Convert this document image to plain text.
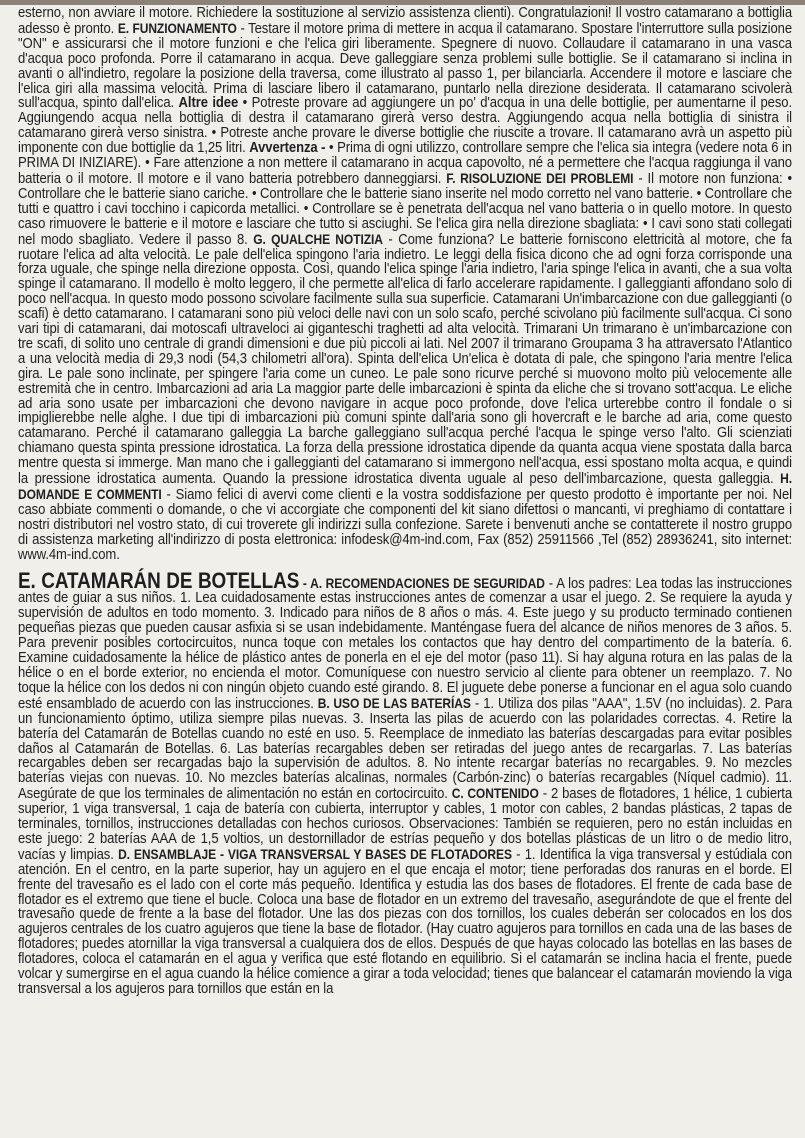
esterno, non avviare il motore. Richiedere la sostituzione al servizio assistenza clienti). Congratulazioni! Il vostro catamarano a bottiglia adesso è pronto. E. FUNZIONAMENTO - Testare il motore prima di mettere in acqua il catamarano. Spostare l'interruttore sulla posizione "ON" e assicurarsi che il motore funzioni e che l'elica giri liberamente. Spegnere di nuovo. Collaudare il catamarano in una vasca d'acqua poco profonda. Porre il catamarano in acqua. Deve galleggiare senza problemi sulle bottiglie. Se il catamarano si inclina in avanti o all'indietro, regolare la posizione della traversa, come illustrato al passo 1, per bilanciarla. Accendere il motore e lasciare che l'elica giri alla massima velocità. Prima di lasciare libero il catamarano, puntarlo nella direzione desiderata. Il catamarano scivolerà sull'acqua, spinto dall'elica. Altre idee • Potreste provare ad aggiungere un po' d'acqua in una delle bottiglie, per aumentarne il peso. Aggiungendo acqua nella bottiglia di destra il catamarano girerà verso destra. Aggiungendo acqua nella bottiglia di sinistra il catamarano girerà verso sinistra. • Potreste anche provare le diverse bottiglie che riuscite a trovare. Il catamarano avrà un aspetto più imponente con due bottiglie da 1,25 litri. Avvertenza - • Prima di ogni utilizzo, controllare sempre che l'elica sia integra (vedere nota 6 in PRIMA DI INIZIARE). • Fare attenzione a non mettere il catamarano in acqua capovolto, né a permettere che l'acqua raggiunga il vano batteria o il motore. Il motore e il vano batteria potrebbero danneggiarsi. F. RISOLUZIONE DEI PROBLEMI - Il motore non funziona: • Controllare che le batterie siano cariche. • Controllare che le batterie siano inserite nel modo corretto nel vano batterie. • Controllare che tutti e quattro i cavi tocchino i capicorda metallici. • Controllare se è penetrata dell'acqua nel vano batteria o in quello motore. In questo caso rimuovere le batterie e il motore e lasciare che tutto si asciughi. Se l'elica gira nella direzione sbagliata: • I cavi sono stati collegati nel modo sbagliato. Vedere il passo 8. G. QUALCHE NOTIZIA - Come funziona? Le batterie forniscono elettricità al motore, che fa ruotare l'elica ad alta velocità. Le pale dell'elica spingono l'aria indietro. Le leggi della fisica dicono che ad ogni forza corrisponde una forza uguale, che spinge nella direzione opposta. Così, quando l'elica spinge l'aria indietro, l'aria spinge l'elica in avanti, che a sua volta spinge il catamarano. Il modello è molto leggero, il che permette all'elica di farlo accelerare rapidamente. I galleggianti affondano solo di poco nell'acqua. In questo modo possono scivolare facilmente sulla sua superficie. Catamarani Un'imbarcazione con due galleggianti (o scafi) è detto catamarano. I catamarani sono più veloci delle navi con un solo scafo, perché scivolano più facilmente sull'acqua. Ci sono vari tipi di catamarani, dai motoscafi ultraveloci ai giganteschi traghetti ad alta velocità. Trimarani Un trimarano è un'imbarcazione con tre scafi, di solito uno centrale di grandi dimensioni e due più piccoli ai lati. Nel 2007 il trimarano Groupama 3 ha attraversato l'Atlantico a una velocità media di 29,3 nodi (54,3 chilometri all'ora). Spinta dell'elica Un'elica è dotata di pale, che spingono l'aria mentre l'elica gira. Le pale sono inclinate, per spingere l'aria come un cuneo. Le pale sono ricurve perché si muovono molto più velocemente alle estremità che in centro. Imbarcazioni ad aria La maggior parte delle imbarcazioni è spinta da eliche che si trovano sott'acqua. Le eliche ad aria sono usate per imbarcazioni che devono navigare in acque poco profonde, dove l'elica urterebbe contro il fondale o si impiglierebbe nelle alghe. I due tipi di imbarcazioni più comuni spinte dall'aria sono gli hovercraft e le barche ad aria, come questo catamarano. Perché il catamarano galleggia La barche galleggiano sull'acqua perché l'acqua le spinge verso l'alto. Gli scienziati chiamano questa spinta pressione idrostatica. La forza della pressione idrostatica dipende da quanta acqua viene spostata dalla barca mentre questa si immerge. Man mano che i galleggianti del catamarano si immergono nell'acqua, essi spostano molta acqua, e quindi la pressione idrostatica aumenta. Quando la pressione idrostatica diventa uguale al peso dell'imbarcazione, questa galleggia. H. DOMANDE E COMMENTI - Siamo felici di avervi come clienti e la vostra soddisfazione per questo prodotto è importante per noi. Nel caso abbiate commenti o domande, o che vi accorgiate che componenti del kit siano difettosi o mancanti, vi preghiamo di contattare i nostri distributori nel vostro stato, di cui troverete gli indirizzi sulla confezione. Sarete i benvenuti anche se contatterete il nostro gruppo di assistenza marketing all'indirizzo di posta elettronica: infodesk@4m-ind.com, Fax (852) 25911566 ,Tel (852) 28936241, sito internet: www.4m-ind.com.

E. CATAMARÁN DE BOTELLAS - A. RECOMENDACIONES DE SEGURIDAD - A los padres: Lea todas las instrucciones antes de guiar a sus niños. 1. Lea cuidadosamente estas instrucciones antes de comenzar a usar el juego. 2. Se requiere la ayuda y supervisión de adultos en todo momento. 3. Indicado para niños de 8 años o más. 4. Este juego y su producto terminado contienen pequeñas piezas que pueden causar asfixia si se usan indebidamente. Manténgase fuera del alcance de niños menores de 3 años. 5. Para prevenir posibles cortocircuitos, nunca toque con metales los contactos que hay dentro del compartimento de la batería. 6. Examine cuidadosamente la hélice de plástico antes de ponerla en el eje del motor (paso 11). Si hay alguna rotura en las palas de la hélice o en el borde exterior, no encienda el motor. Comuníquese con nuestro servicio al cliente para obtener un reemplazo. 7. No toque la hélice con los dedos ni con ningún objeto cuando esté girando. 8. El juguete debe ponerse a funcionar en el agua solo cuando esté ensamblado de acuerdo con las instrucciones. B. USO DE LAS BATERÍAS - 1. Utiliza dos pilas "AAA", 1.5V (no incluidas). 2. Para un funcionamiento óptimo, utiliza siempre pilas nuevas. 3. Inserta las pilas de acuerdo con las polaridades correctas. 4. Retire la batería del Catamarán de Botellas cuando no esté en uso. 5. Reemplace de inmediato las baterías descargadas para evitar posibles daños al Catamarán de Botellas. 6. Las baterías recargables deben ser retiradas del juego antes de recargarlas. 7. Las baterías recargables deben ser recargadas bajo la supervisión de adultos. 8. No intente recargar baterías no recargables. 9. No mezcles baterías viejas con nuevas. 10. No mezcles baterías alcalinas, normales (Carbón-zinc) o baterías recargables (Níquel cadmio). 11. Asegúrate de que los terminales de alimentación no están en cortocircuito. C. CONTENIDO - 2 bases de flotadores, 1 hélice, 1 cubierta superior, 1 viga transversal, 1 caja de batería con cubierta, interruptor y cables, 1 motor con cables, 2 bandas plásticas, 2 tapas de terminales, tornillos, instrucciones detalladas con hechos curiosos. Observaciones: También se requieren, pero no están incluidas en este juego: 2 baterías AAA de 1,5 voltios, un destornillador de estrías pequeño y dos botellas plásticas de un litro o de medio litro, vacías y limpias. D. ENSAMBLAJE - VIGA TRANSVERSAL Y BASES DE FLOTADORES - 1. Identifica la viga transversal y estúdiala con atención. En el centro, en la parte superior, hay un agujero en el que encaja el motor; tiene perforadas dos ranuras en el borde. El frente del travesaño es el lado con el corte más pequeño. Identifica y estudia las dos bases de flotadores. El frente de cada base de flotador es el extremo que tiene el bucle. Coloca una base de flotador en un extremo del travesaño, asegurándote de que el frente del travesaño quede de frente a la base del flotador. Une las dos piezas con dos tornillos, los cuales deberán ser colocados en los dos agujeros centrales de los cuatro agujeros que tiene la base de flotador. (Hay cuatro agujeros para tornillos en cada una de las bases de flotadores; puedes atornillar la viga transversal a cualquiera dos de ellos. Después de que hayas colocado las botellas en las bases de flotadores, coloca el catamarán en el agua y verifica que esté flotando en equilibrio. Si el catamarán se inclina hacia el frente, puede volcar y sumergirse en el agua cuando la hélice comience a girar a toda velocidad; tienes que balancear el catamarán moviendo la viga transversal a los agujeros para tornillos que están en la
